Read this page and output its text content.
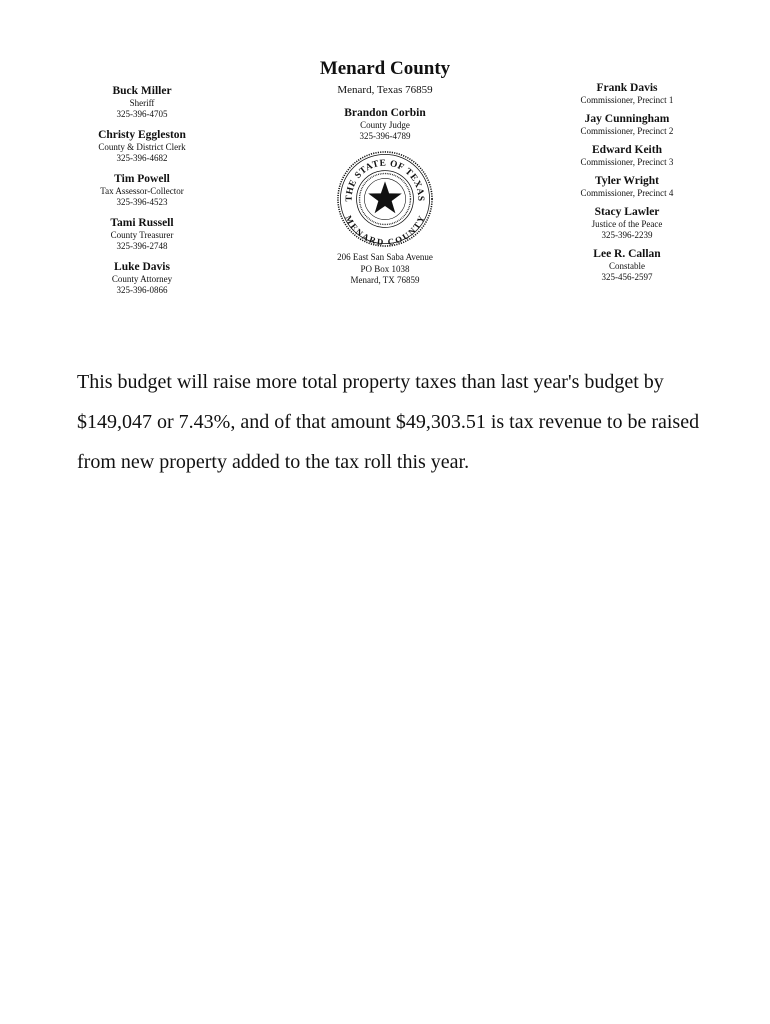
Buck Miller
Sheriff
325-396-4705
Christy Eggleston
County & District Clerk
325-396-4682
Tim Powell
Tax Assessor-Collector
325-396-4523
Tami Russell
County Treasurer
325-396-2748
Luke Davis
County Attorney
325-396-0866
Menard County
Menard, Texas 76859
Brandon Corbin
County Judge
325-396-4789
THE STATE OF TEXAS
MENARD COUNTY
206 East San Saba Avenue
PO Box 1038
Menard, TX 76859
Frank Davis
Commissioner, Precinct 1
Jay Cunningham
Commissioner, Precinct 2
Edward Keith
Commissioner, Precinct 3
Tyler Wright
Commissioner, Precinct 4
Stacy Lawler
Justice of the Peace
325-396-2239
Lee R. Callan
Constable
325-456-2597
This budget will raise more total property taxes than last year's budget by $149,047 or 7.43%, and of that amount $49,303.51 is tax revenue to be raised from new property added to the tax roll this year.
